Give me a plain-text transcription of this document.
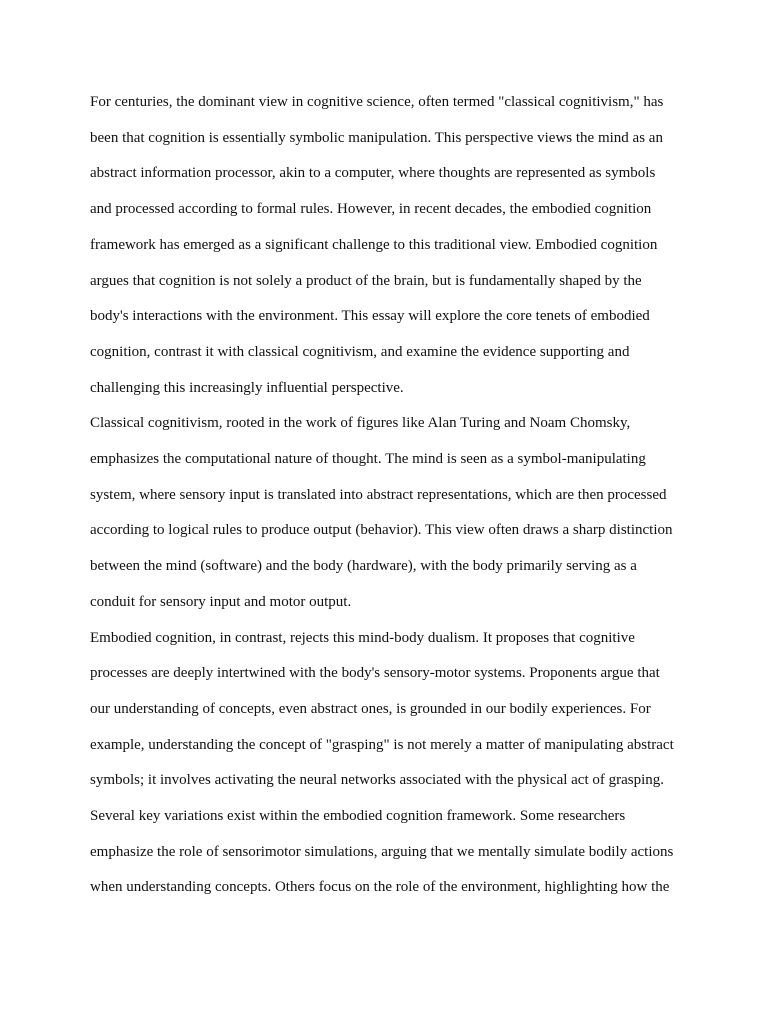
For centuries, the dominant view in cognitive science, often termed "classical cognitivism," has
been that cognition is essentially symbolic manipulation. This perspective views the mind as an
abstract information processor, akin to a computer, where thoughts are represented as symbols
and processed according to formal rules. However, in recent decades, the embodied cognition
framework has emerged as a significant challenge to this traditional view. Embodied cognition
argues that cognition is not solely a product of the brain, but is fundamentally shaped by the
body's interactions with the environment. This essay will explore the core tenets of embodied
cognition, contrast it with classical cognitivism, and examine the evidence supporting and
challenging this increasingly influential perspective.

Classical cognitivism, rooted in the work of figures like Alan Turing and Noam Chomsky,
emphasizes the computational nature of thought. The mind is seen as a symbol-manipulating
system, where sensory input is translated into abstract representations, which are then processed
according to logical rules to produce output (behavior). This view often draws a sharp distinction
between the mind (software) and the body (hardware), with the body primarily serving as a
conduit for sensory input and motor output.

Embodied cognition, in contrast, rejects this mind-body dualism. It proposes that cognitive
processes are deeply intertwined with the body's sensory-motor systems. Proponents argue that
our understanding of concepts, even abstract ones, is grounded in our bodily experiences. For
example, understanding the concept of "grasping" is not merely a matter of manipulating abstract
symbols; it involves activating the neural networks associated with the physical act of grasping.

Several key variations exist within the embodied cognition framework. Some researchers
emphasize the role of sensorimotor simulations, arguing that we mentally simulate bodily actions
when understanding concepts. Others focus on the role of the environment, highlighting how the
